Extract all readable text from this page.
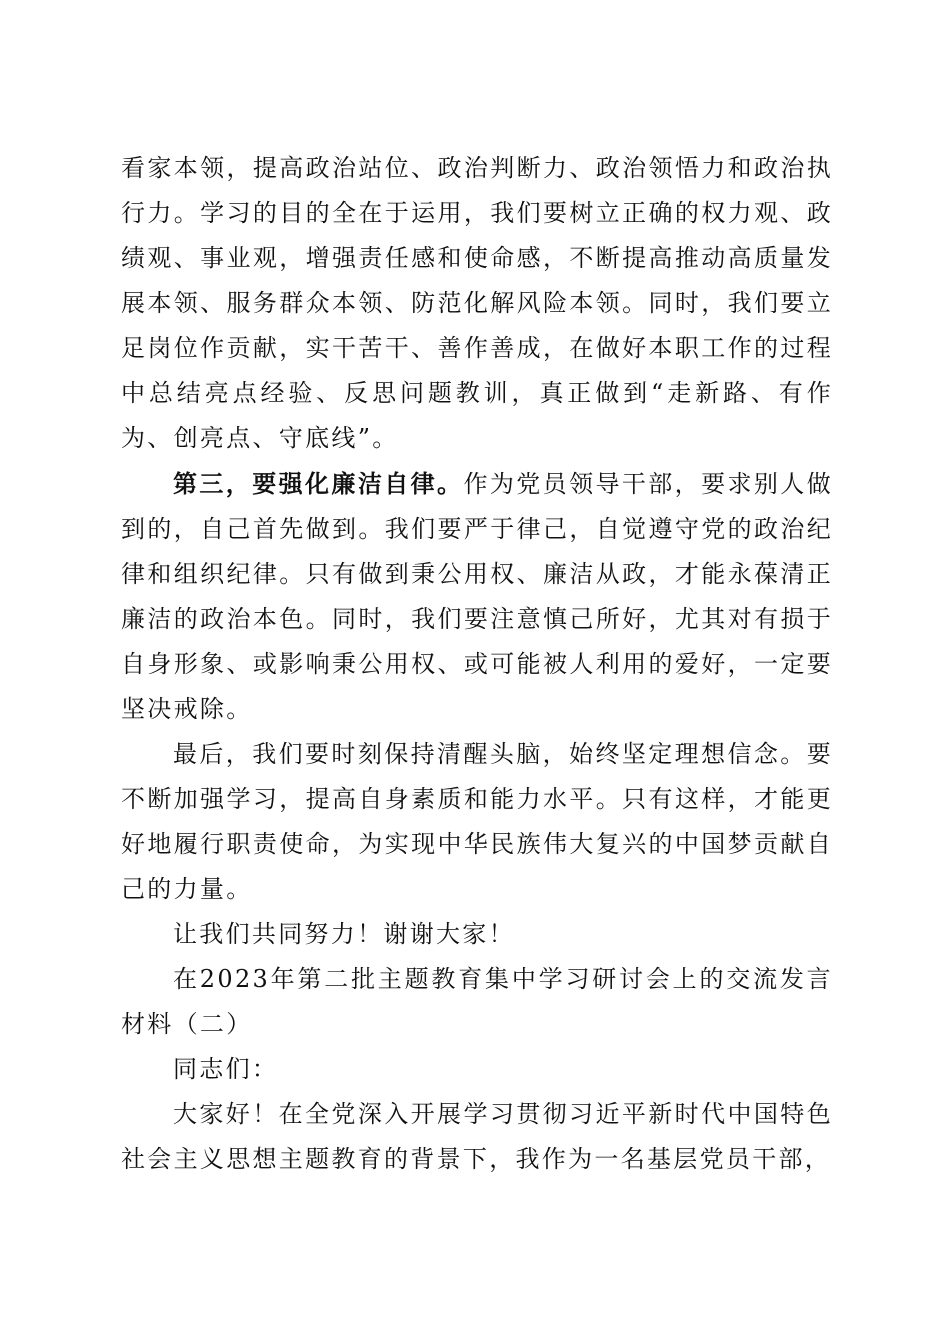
看家本领，提高政治站位、政治判断力、政治领悟力和政治执行力。学习的目的全在于运用，我们要树立正确的权力观、政绩观、事业观，增强责任感和使命感，不断提高推动高质量发展本领、服务群众本领、防范化解风险本领。同时，我们要立足岗位作贡献，实干苦干、善作善成，在做好本职工作的过程中总结亮点经验、反思问题教训，真正做到“走新路、有作为、创亮点、守底线”。

第三，要强化廉洁自律。作为党员领导干部，要求别人做到的，自己首先做到。我们要严于律己，自觉遵守党的政治纪律和组织纪律。只有做到秉公用权、廉洁从政，才能永葆清正廉洁的政治本色。同时，我们要注意慎己所好，尤其对有损于自身形象、或影响秉公用权、或可能被人利用的爱好，一定要坚决戒除。

最后，我们要时刻保持清醒头脑，始终坚定理想信念。要不断加强学习，提高自身素质和能力水平。只有这样，才能更好地履行职责使命，为实现中华民族伟大复兴的中国梦贡献自己的力量。

让我们共同努力！谢谢大家！

在2023年第二批主题教育集中学习研讨会上的交流发言材料（二）

同志们：

大家好！在全党深入开展学习贯彻习近平新时代中国特色社会主义思想主题教育的背景下，我作为一名基层党员干部，
